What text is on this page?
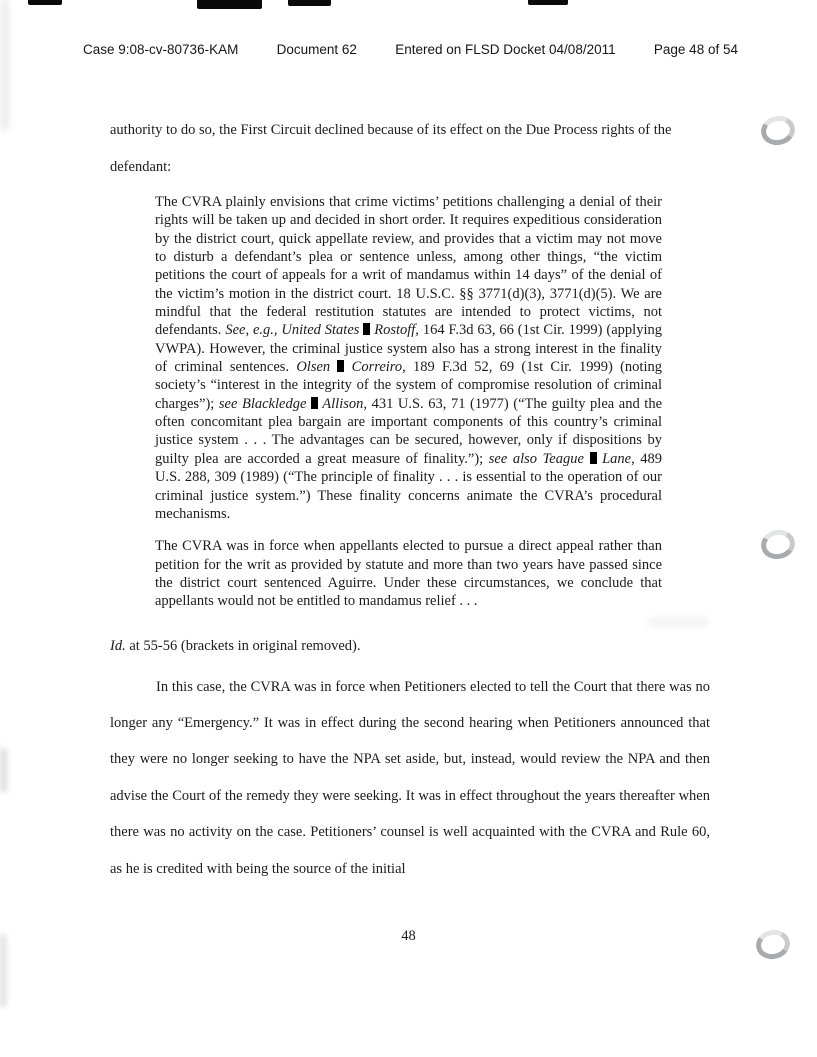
Case 9:08-cv-80736-KAM	Document 62	Entered on FLSD Docket 04/08/2011	Page 48 of 54

authority to do so, the First Circuit declined because of its effect on the Due Process rights of the
defendant:

The CVRA plainly envisions that crime victims’ petitions challenging a denial of their rights will be taken up and decided in short order. It requires expeditious consideration by the district court, quick appellate review, and provides that a victim may not move to disturb a defendant’s plea or sentence unless, among other things, “the victim petitions the court of appeals for a writ of mandamus within 14 days” of the denial of the victim’s motion in the district court. 18 U.S.C. §§ 3771(d)(3), 3771(d)(5). We are mindful that the federal restitution statutes are intended to protect victims, not defendants. See, e.g., United States  Rostoff, 164 F.3d 63, 66 (1st Cir. 1999) (applying VWPA). However, the criminal justice system also has a strong interest in the finality of criminal sentences. Olsen  Correiro, 189 F.3d 52, 69 (1st Cir. 1999) (noting society’s “interest in the integrity of the system of compromise resolution of criminal charges”); see Blackledge  Allison, 431 U.S. 63, 71 (1977) (“The guilty plea and the often concomitant plea bargain are important components of this country’s criminal justice system . . . The advantages can be secured, however, only if dispositions by guilty plea are accorded a great measure of finality.”); see also Teague  Lane, 489 U.S. 288, 309 (1989) (“The principle of finality . . . is essential to the operation of our criminal justice system.”) These finality concerns animate the CVRA’s procedural mechanisms.
The CVRA was in force when appellants elected to pursue a direct appeal rather than petition for the writ as provided by statute and more than two years have passed since the district court sentenced Aguirre. Under these circumstances, we conclude that appellants would not be entitled to mandamus relief . . .

Id. at 55-56 (brackets in original removed).

In this case, the CVRA was in force when Petitioners elected to tell the Court that there was no longer any “Emergency.” It was in effect during the second hearing when Petitioners announced that they were no longer seeking to have the NPA set aside, but, instead, would review the NPA and then advise the Court of the remedy they were seeking. It was in effect throughout the years thereafter when there was no activity on the case. Petitioners’ counsel is well acquainted with the CVRA and Rule 60, as he is credited with being the source of the initial

48
